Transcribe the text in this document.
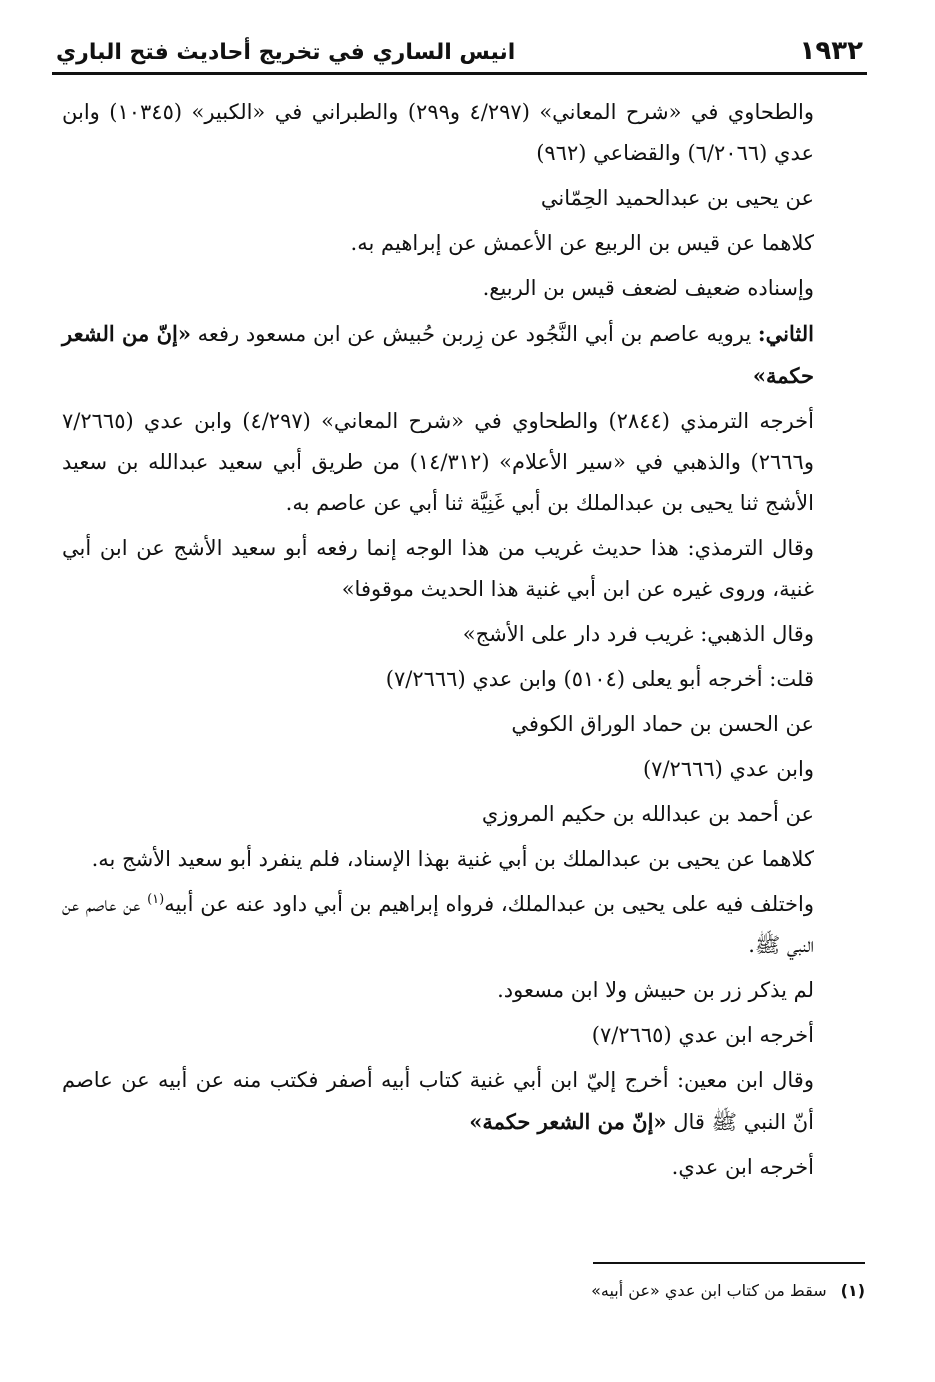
١٩٣٢
انيس الساري في تخريج أحاديث فتح الباري

والطحاوي في «شرح المعاني» (٤/٢٩٧ و٢٩٩) والطبراني في «الكبير» (١٠٣٤٥) وابن عدي (٦/٢٠٦٦) والقضاعي (٩٦٢)

عن يحيى بن عبدالحميد الحِمّاني

كلاهما عن قيس بن الربيع عن الأعمش عن إبراهيم به.

وإسناده ضعيف لضعف قيس بن الربيع.

الثاني: يرويه عاصم بن أبي النَّجُود عن زِربن حُبيش عن ابن مسعود رفعه «إنّ من الشعر حكمة»

أخرجه الترمذي (٢٨٤٤) والطحاوي في «شرح المعاني» (٤/٢٩٧) وابن عدي (٧/٢٦٦٥ و٢٦٦٦) والذهبي في «سير الأعلام» (١٤/٣١٢) من طريق أبي سعيد عبدالله بن سعيد الأشج ثنا يحيى بن عبدالملك بن أبي غَنِيَّة ثنا أبي عن عاصم به.

وقال الترمذي: هذا حديث غريب من هذا الوجه إنما رفعه أبو سعيد الأشج عن ابن أبي غنية، وروى غيره عن ابن أبي غنية هذا الحديث موقوفا»

وقال الذهبي: غريب فرد دار على الأشج»

قلت: أخرجه أبو يعلى (٥١٠٤) وابن عدي (٧/٢٦٦٦)

عن الحسن بن حماد الوراق الكوفي

وابن عدي (٧/٢٦٦٦)

عن أحمد بن عبدالله بن حكيم المروزي

كلاهما عن يحيى بن عبدالملك بن أبي غنية بهذا الإسناد، فلم ينفرد أبو سعيد الأشج به.

واختلف فيه على يحيى بن عبدالملك، فرواه إبراهيم بن أبي داود عنه عن أبيه$^{(١)}$ عن عاصم عن النبي ﷺ.

لم يذكر زر بن حبيش ولا ابن مسعود.

أخرجه ابن عدي (٧/٢٦٦٥)

وقال ابن معين: أخرج إليّ ابن أبي غنية كتاب أبيه أصفر فكتب منه عن أبيه عن عاصم أنّ النبي ﷺ قال «إنّ من الشعر حكمة»

أخرجه ابن عدي.

(١)سقط من كتاب ابن عدي «عن أبيه»
